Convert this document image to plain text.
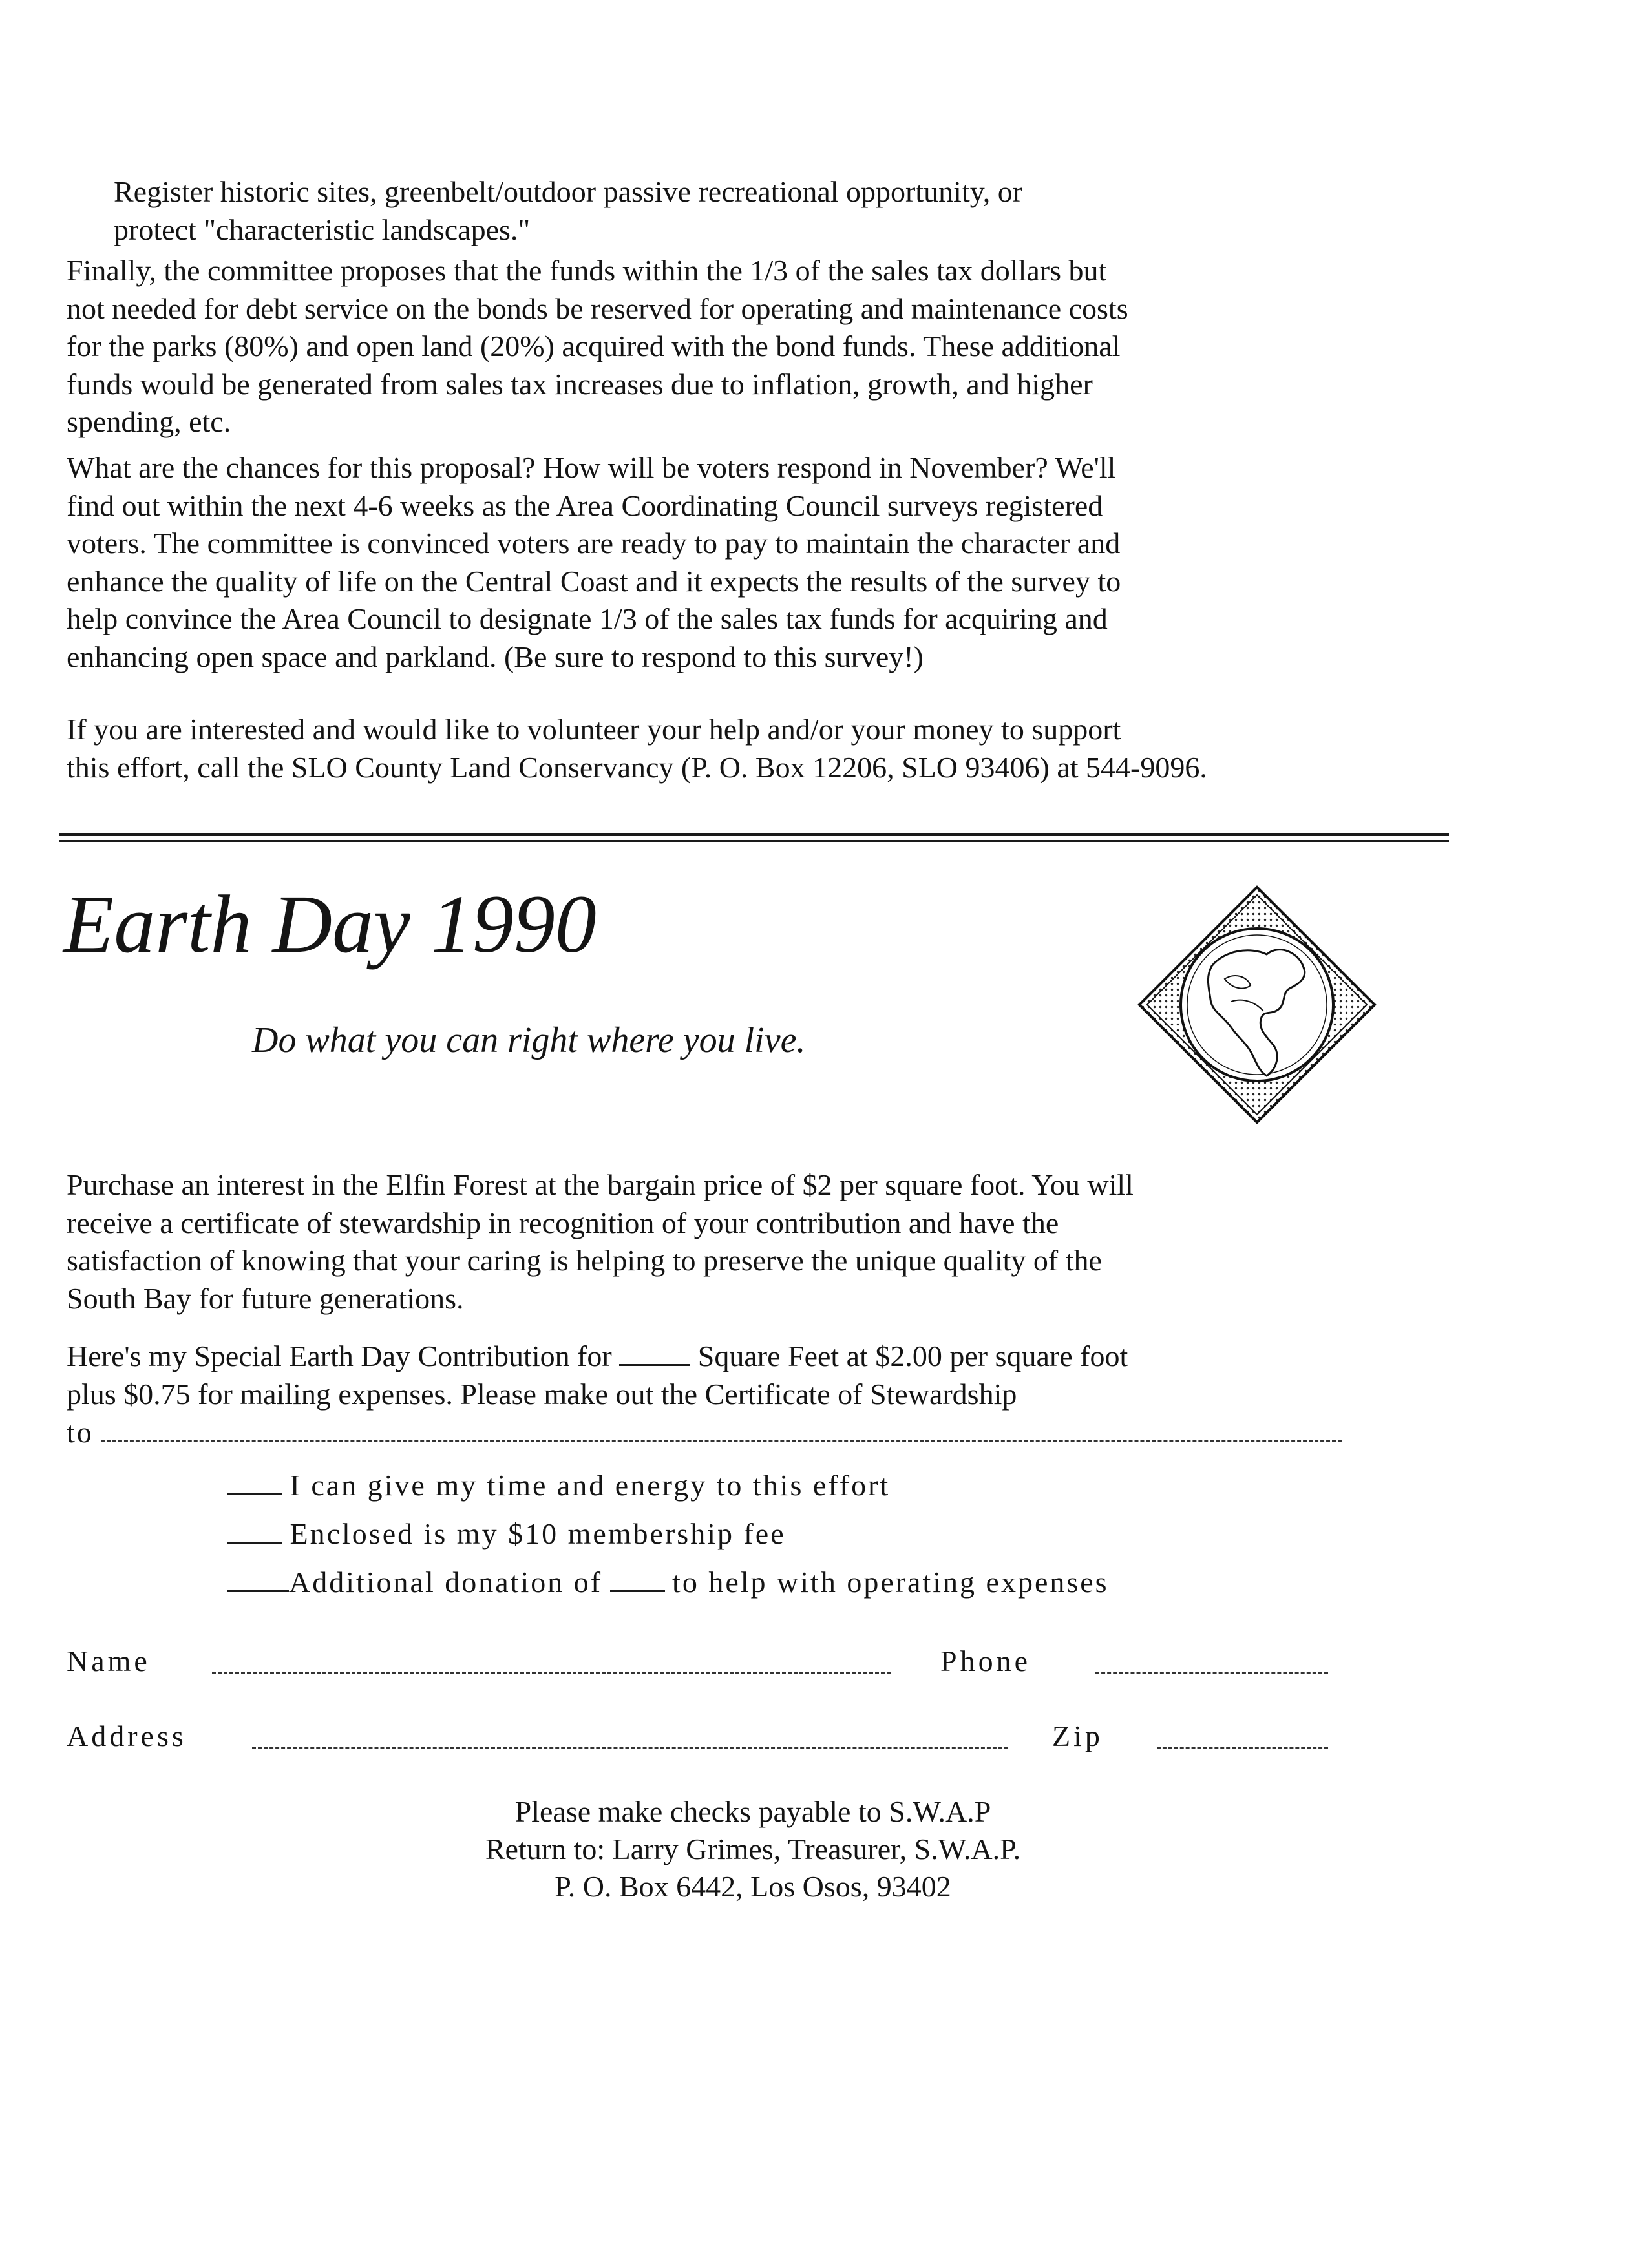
Register historic sites, greenbelt/outdoor passive recreational opportunity, or
protect "characteristic landscapes."

Finally, the committee proposes that the funds within the 1/3 of the sales tax dollars but
not needed for debt service on the bonds be reserved for operating and maintenance costs
for the parks (80%) and open land (20%) acquired with the bond funds. These additional
funds would be generated from sales tax increases due to inflation, growth, and higher
spending, etc.

What are the chances for this proposal? How will be voters respond in November? We'll
find out within the next 4-6 weeks as the Area Coordinating Council surveys registered
voters. The committee is convinced voters are ready to pay to maintain the character and
enhance the quality of life on the Central Coast and it expects the results of the survey to
help convince the Area Council to designate 1/3 of the sales tax funds for acquiring and
enhancing open space and parkland. (Be sure to respond to this survey!)

If you are interested and would like to volunteer your help and/or your money to support
this effort, call the SLO County Land Conservancy (P. O. Box 12206, SLO 93406) at 544-9096.

Earth Day 1990

Do what you can right where you live.

Purchase an interest in the Elfin Forest at the bargain price of $2 per square foot. You will
receive a certificate of stewardship in recognition of your contribution and have the
satisfaction of knowing that your caring is helping to preserve the unique quality of the
South Bay for future generations.

Here's my Special Earth Day Contribution for	Square Feet at $2.00 per square foot

plus $0.75 for mailing expenses. Please make out the Certificate of Stewardship

to

I can give my time and energy to this effort

Enclosed is my $10 membership fee

Additional donation of to help with operating expenses

Name	Phone

Address	Zip

Please make checks payable to S.W.A.P
Return to: Larry Grimes, Treasurer, S.W.A.P.
P. O. Box 6442, Los Osos, 93402
